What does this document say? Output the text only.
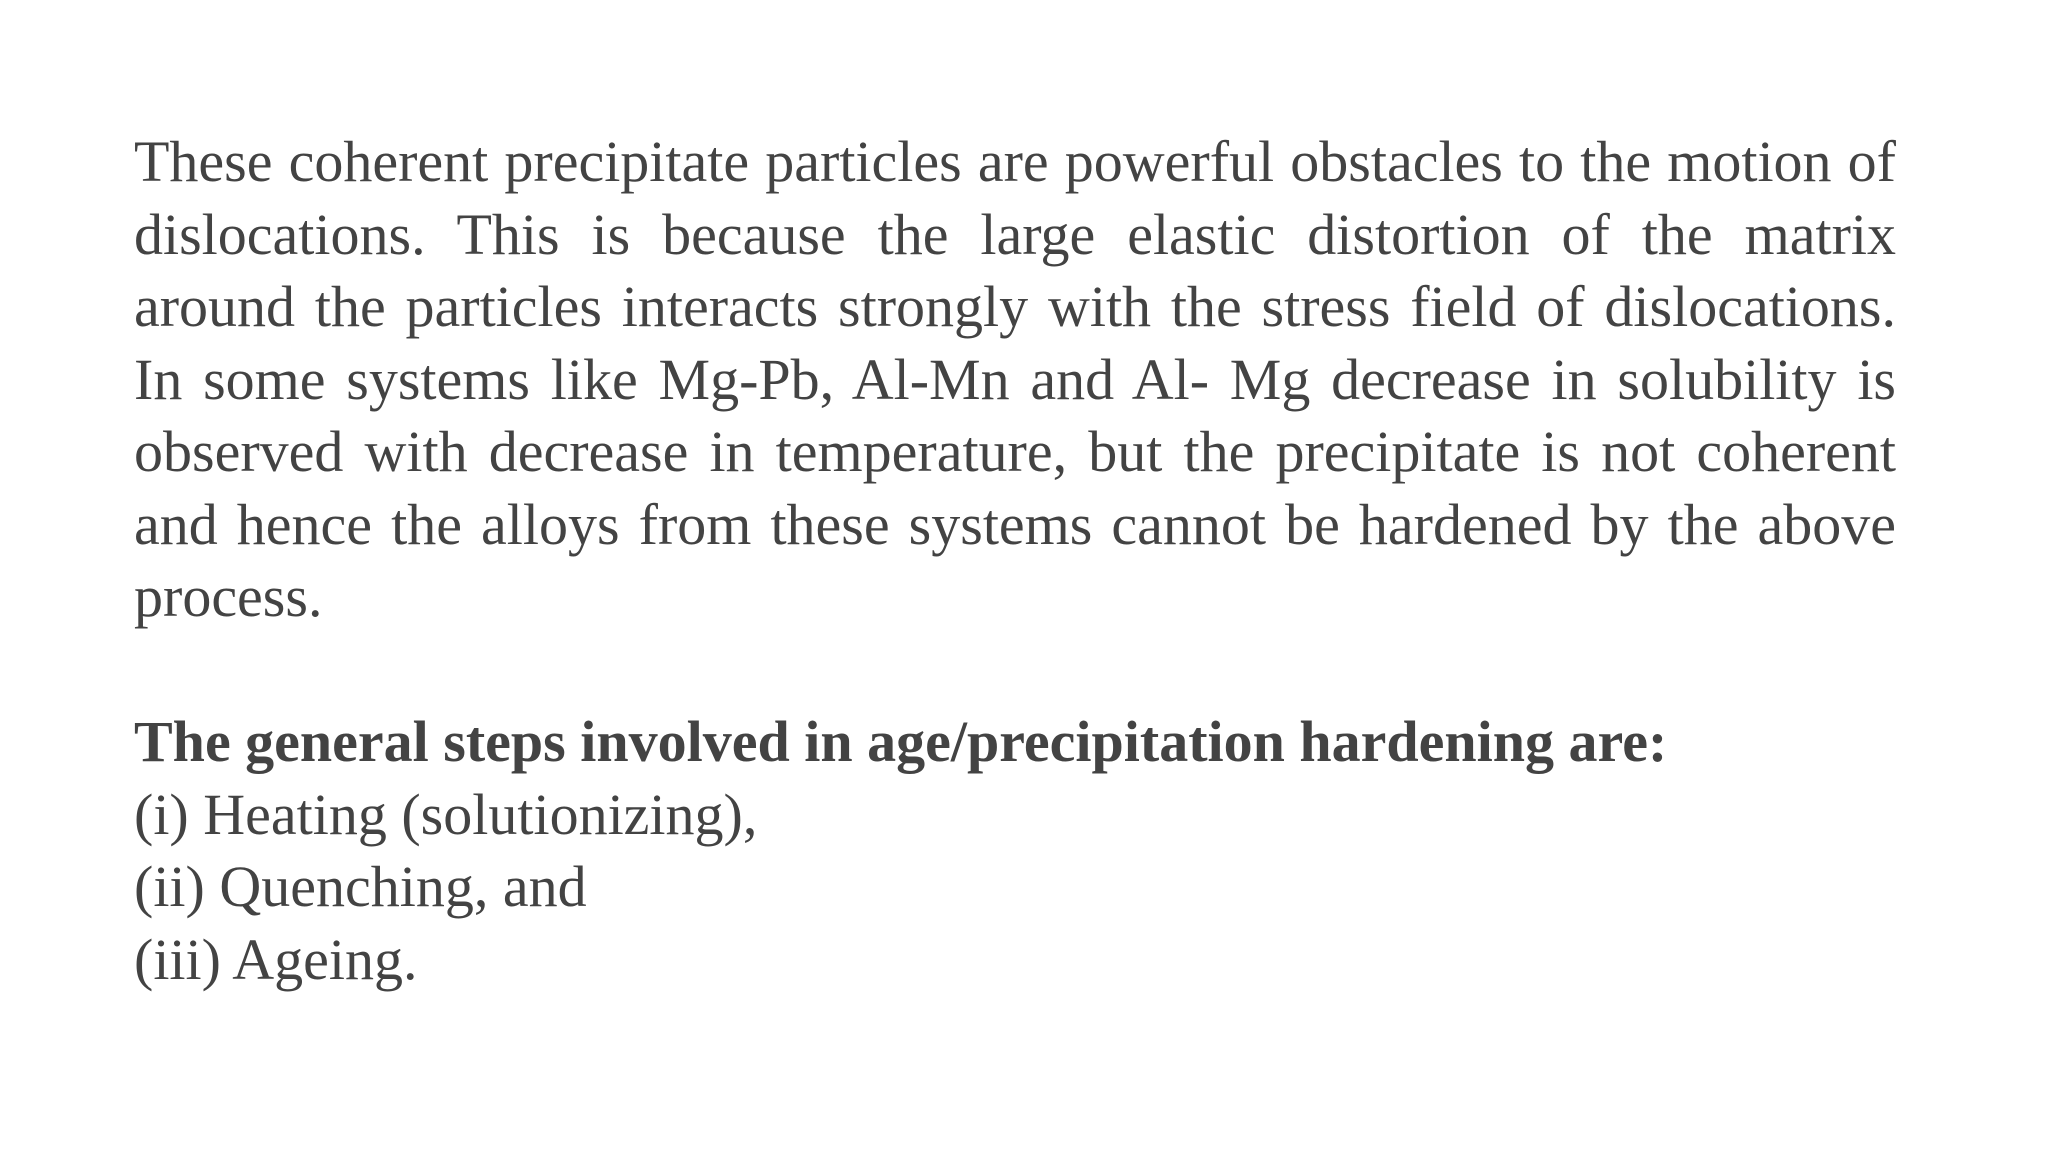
These coherent precipitate particles are powerful obstacles to the motion of dislocations. This is because the large elastic distortion of the matrix around the particles interacts strongly with the stress field of dislocations. In some systems like Mg-Pb, Al-Mn and Al- Mg decrease in solubility is observed with decrease in temperature, but the precipitate is not coherent and hence the alloys from these systems cannot be hardened by the above process.

The general steps involved in age/precipitation hardening are:

(i) Heating (solutionizing),

(ii) Quenching, and

(iii) Ageing.
